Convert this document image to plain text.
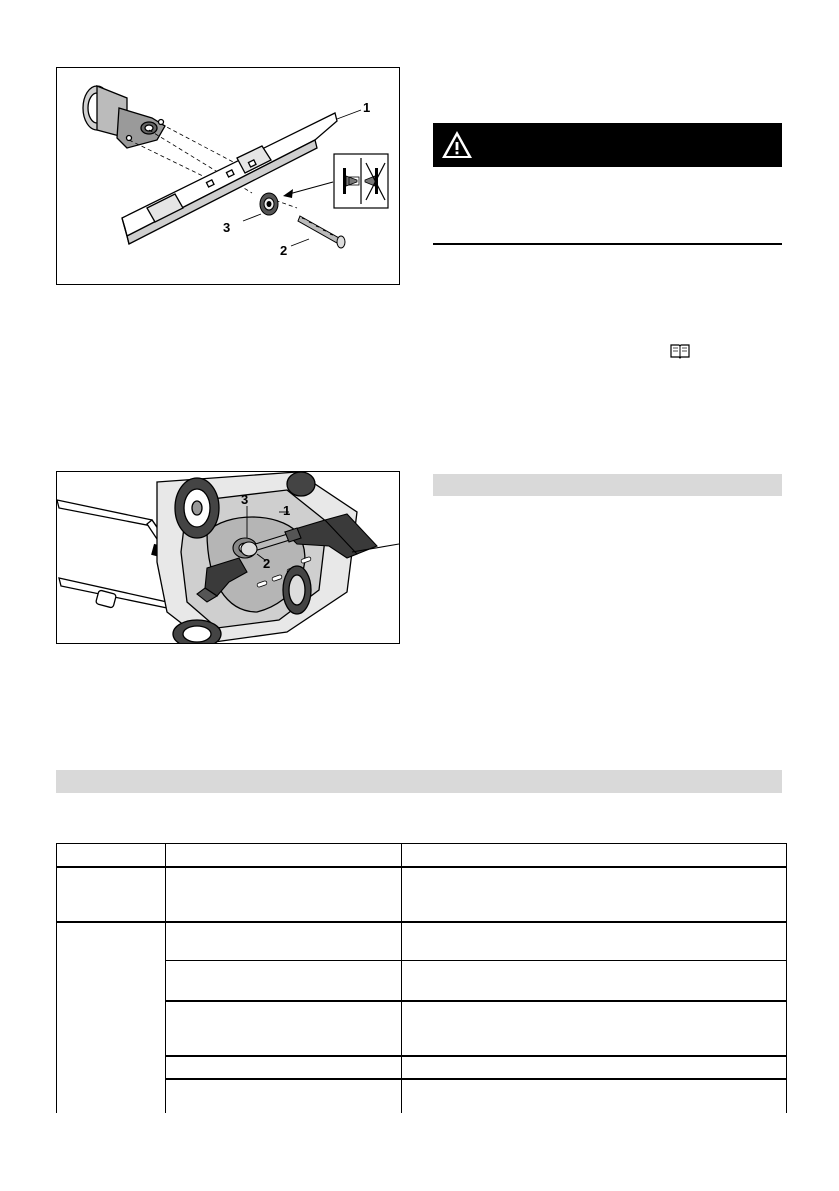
1
2
3
3
1
2
